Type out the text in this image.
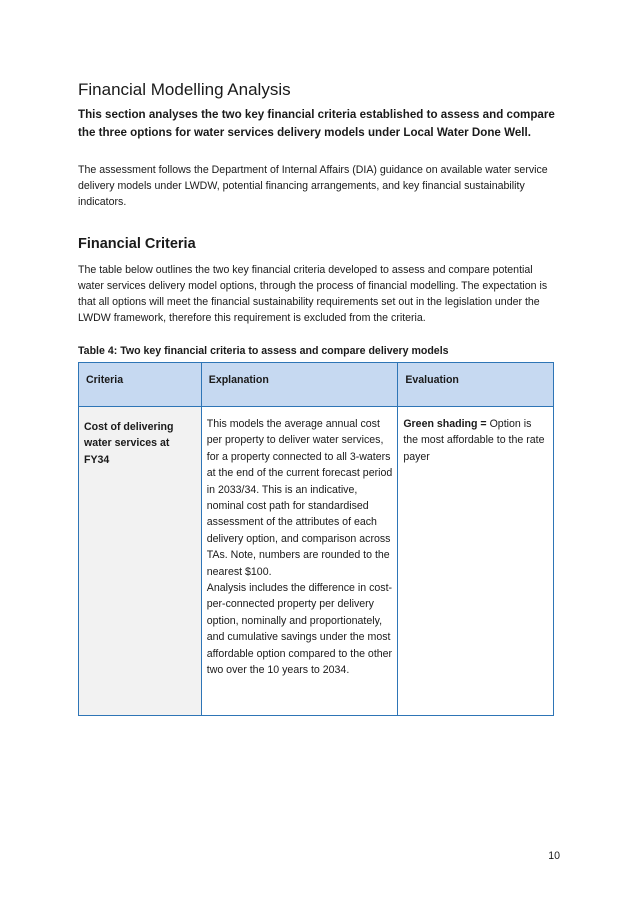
Financial Modelling Analysis

This section analyses the two key financial criteria established to assess and compare the three options for water services delivery models under Local Water Done Well.

The assessment follows the Department of Internal Affairs (DIA) guidance on available water service delivery models under LWDW, potential financing arrangements, and key financial sustainability indicators.

Financial Criteria

The table below outlines the two key financial criteria developed to assess and compare potential water services delivery model options, through the process of financial modelling. The expectation is that all options will meet the financial sustainability requirements set out in the legislation under the LWDW framework, therefore this requirement is excluded from the criteria.

Table 4: Two key financial criteria to assess and compare delivery models

Criteria	Explanation	Evaluation
Cost of delivering water services at FY34	This models the average annual cost per property to deliver water services, for a property connected to all 3-waters at the end of the current forecast period in 2033/34. This is an indicative, nominal cost path for standardised assessment of the attributes of each delivery option, and comparison across TAs. Note, numbers are rounded to the nearest $100.
Analysis includes the difference in cost-per-connected property per delivery option, nominally and proportionately, and cumulative savings under the most affordable option compared to the other two over the 10 years to 2034.	Green shading = Option is the most affordable to the rate payer
10
